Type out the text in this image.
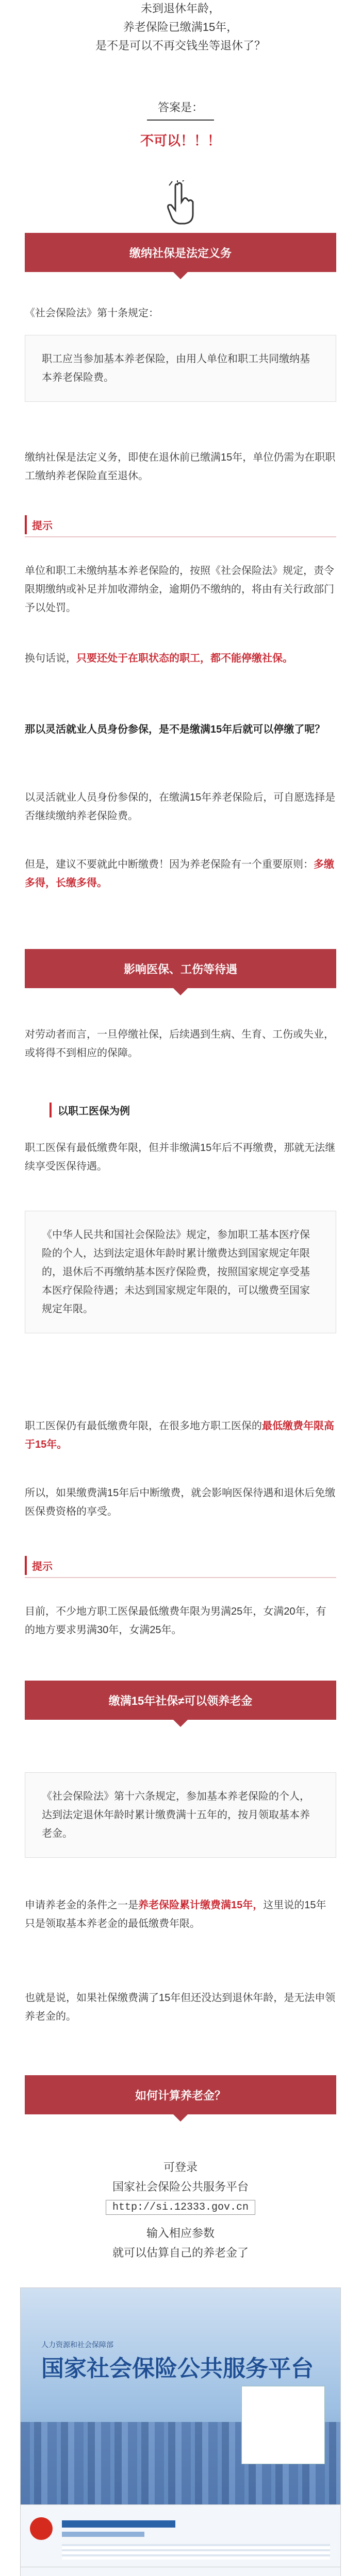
未到退休年龄，
养老保险已缴满15年，
是不是可以不再交钱坐等退休了？
答案是：
不可以！！！
缴纳社保是法定义务
《社会保险法》第十条规定：
职工应当参加基本养老保险，由用人单位和职工共同缴纳基本养老保险费。
缴纳社保是法定义务，即使在退休前已缴满15年，单位仍需为在职职工缴纳养老保险直至退休。
提示
单位和职工未缴纳基本养老保险的，按照《社会保险法》规定，责令限期缴纳或补足并加收滞纳金，逾期仍不缴纳的，将由有关行政部门予以处罚。
换句话说，只要还处于在职状态的职工，都不能停缴社保。
那以灵活就业人员身份参保，是不是缴满15年后就可以停缴了呢？
以灵活就业人员身份参保的，在缴满15年养老保险后，可自愿选择是否继续缴纳养老保险费。
但是，建议不要就此中断缴费！因为养老保险有一个重要原则：多缴多得，长缴多得。
影响医保、工伤等待遇
对劳动者而言，一旦停缴社保，后续遇到生病、生育、工伤或失业，或将得不到相应的保障。
以职工医保为例
职工医保有最低缴费年限，但并非缴满15年后不再缴费，那就无法继续享受医保待遇。
《中华人民共和国社会保险法》规定，参加职工基本医疗保险的个人，达到法定退休年龄时累计缴费达到国家规定年限的，退休后不再缴纳基本医疗保险费，按照国家规定享受基本医疗保险待遇；未达到国家规定年限的，可以缴费至国家规定年限。
职工医保仍有最低缴费年限，在很多地方职工医保的最低缴费年限高于15年。
所以，如果缴费满15年后中断缴费，就会影响医保待遇和退休后免缴医保费资格的享受。
提示
目前，不少地方职工医保最低缴费年限为男满25年，女满20年，有的地方要求男满30年，女满25年。
缴满15年社保≠可以领养老金
《社会保险法》第十六条规定，参加基本养老保险的个人，达到法定退休年龄时累计缴费满十五年的，按月领取基本养老金。
申请养老金的条件之一是养老保险累计缴费满15年，这里说的15年只是领取基本养老金的最低缴费年限。
也就是说，如果社保缴费满了15年但还没达到退休年龄，是无法申领养老金的。
如何计算养老金？
可登录
国家社会保险公共服务平台
http://si.12333.gov.cn
输入相应参数
就可以估算自己的养老金了
人力资源和社会保障部
国家社会保险公共服务平台
